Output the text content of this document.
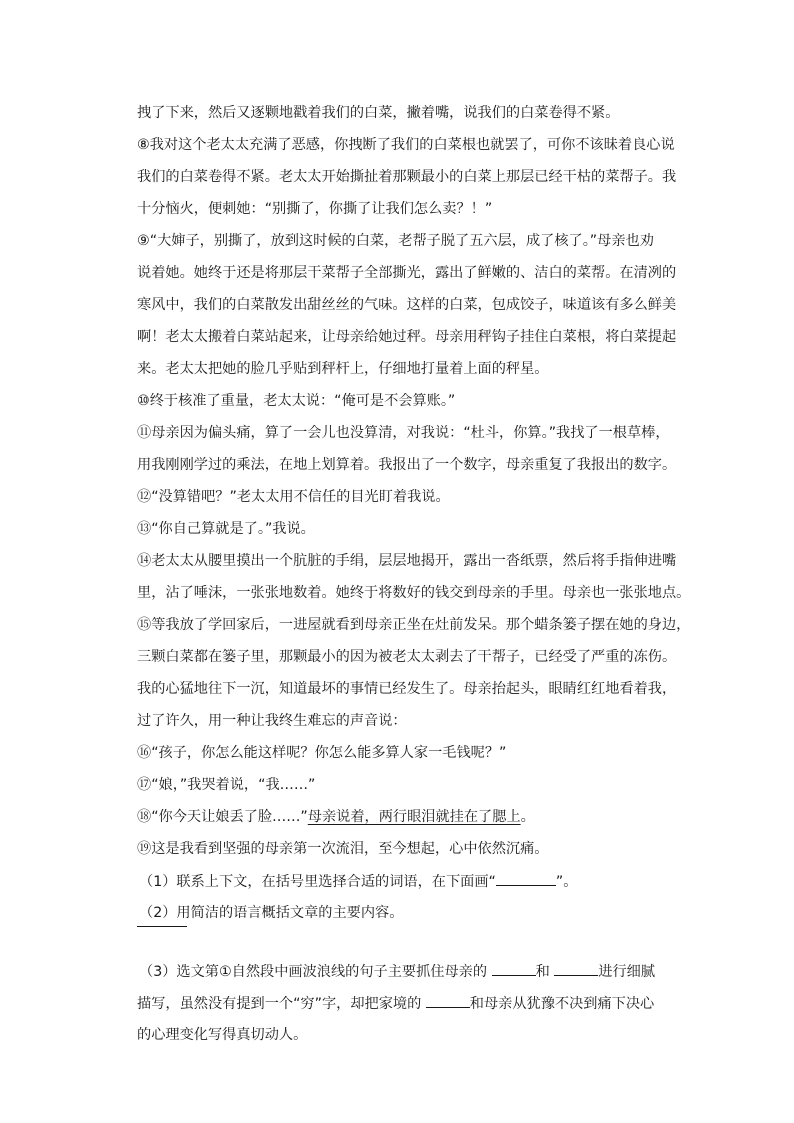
拽了下来，然后又逐颗地戳着我们的白菜，撇着嘴，说我们的白菜卷得不紧。
⑧我对这个老太太充满了恶感，你拽断了我们的白菜根也就罢了，可你不该昧着良心说
我们的白菜卷得不紧。老太太开始撕扯着那颗最小的白菜上那层已经干枯的菜帮子。我
十分恼火，便刺她：“别撕了，你撕了让我们怎么卖？！”
⑨“大婶子，别撕了，放到这时候的白菜，老帮子脱了五六层，成了核了。”母亲也劝
说着她。她终于还是将那层干菜帮子全部撕光，露出了鲜嫩的、洁白的菜帮。在清冽的
寒风中，我们的白菜散发出甜丝丝的气味。这样的白菜，包成饺子，味道该有多么鲜美
啊！老太太搬着白菜站起来，让母亲给她过秤。母亲用秤钩子挂住白菜根，将白菜提起
来。老太太把她的脸几乎贴到秤杆上，仔细地打量着上面的秤星。
⑩终于核准了重量，老太太说：“俺可是不会算账。”
⑪母亲因为偏头痛，算了一会儿也没算清，对我说：“杜斗，你算。”我找了一根草棒，
用我刚刚学过的乘法，在地上划算着。我报出了一个数字，母亲重复了我报出的数字。
⑫“没算错吧？”老太太用不信任的目光盯着我说。
⑬“你自己算就是了。”我说。
⑭老太太从腰里摸出一个肮脏的手绢，层层地揭开，露出一沓纸票，然后将手指伸进嘴
里，沾了唾沫，一张张地数着。她终于将数好的钱交到母亲的手里。母亲也一张张地点。
⑮等我放了学回家后，一进屋就看到母亲正坐在灶前发呆。那个蜡条篓子摆在她的身边，
三颗白菜都在篓子里，那颗最小的因为被老太太剥去了干帮子，已经受了严重的冻伤。
我的心猛地往下一沉，知道最坏的事情已经发生了。母亲抬起头，眼睛红红地看着我，
过了许久，用一种让我终生难忘的声音说：
⑯“孩子，你怎么能这样呢？你怎么能多算人家一毛钱呢？”
⑰“娘，”我哭着说，“我……”
⑱“你今天让娘丢了脸……”母亲说着，两行眼泪就挂在了腮上。
⑲这是我看到坚强的母亲第一次流泪，至今想起，心中依然沉痛。
（1）联系上下文，在括号里选择合适的词语，在下面画“	”。
（2）用简洁的语言概括文章的主要内容。
（3）选文第①自然段中画波浪线的句子主要抓住母亲的	和	进行细腻
描写，虽然没有提到一个“穷”字，却把家境的	和母亲从犹豫不决到痛下决心
的心理变化写得真切动人。
